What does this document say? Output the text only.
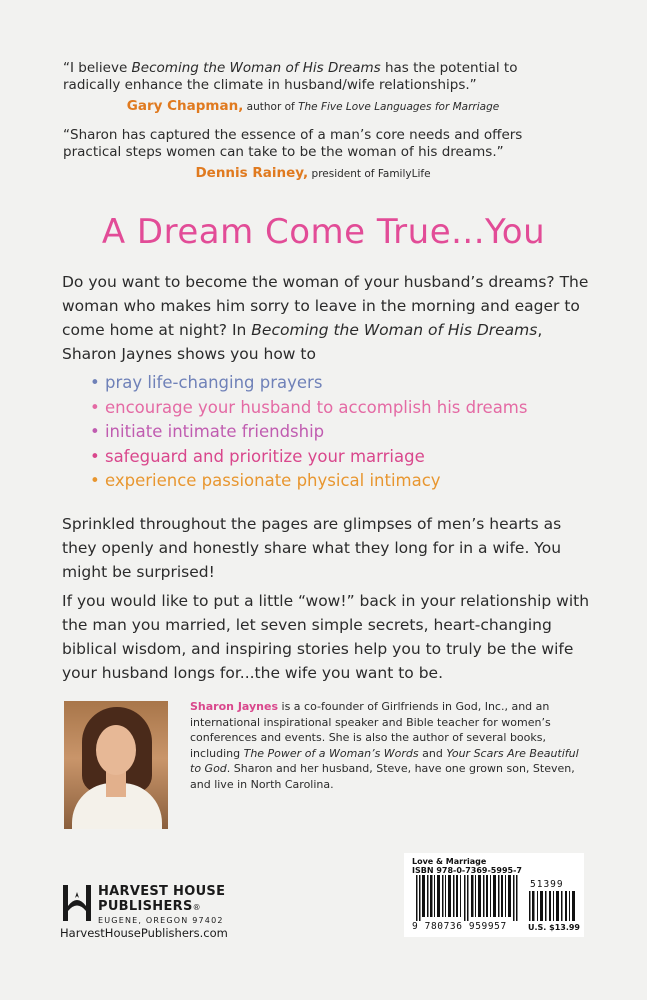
“I believe Becoming the Woman of His Dreams has the potential to radically enhance the climate in husband/wife relationships.”

Gary Chapman, author of The Five Love Languages for Marriage

“Sharon has captured the essence of a man’s core needs and offers practical steps women can take to be the woman of his dreams.”

Dennis Rainey, president of FamilyLife
A Dream Come True...You

Do you want to become the woman of your husband’s dreams? The woman who makes him sorry to leave in the morning and eager to come home at night? In Becoming the Woman of His Dreams, Sharon Jaynes shows you how to

• pray life-changing prayers
• encourage your husband to accomplish his dreams
• initiate intimate friendship
• safeguard and prioritize your marriage
• experience passionate physical intimacy

Sprinkled throughout the pages are glimpses of men’s hearts as they openly and honestly share what they long for in a wife. You might be surprised!

If you would like to put a little “wow!” back in your relationship with the man you married, let seven simple secrets, heart-changing biblical wisdom, and inspiring stories help you to truly be the wife your husband longs for...the wife you want to be.

Sharon Jaynes is a co-founder of Girlfriends in God, Inc., and an international inspirational speaker and Bible teacher for women’s conferences and events. She is also the author of several books, including The Power of a Woman’s Words and Your Scars Are Beautiful to God. Sharon and her husband, Steve, have one grown son, Steven, and live in North Carolina.

HARVEST HOUSE
PUBLISHERS®
EUGENE, OREGON 97402
HarvestHousePublishers.com
Love & Marriage
ISBN 978-0-7369-5995-7
9 780736 959957
51399
U.S. $13.99
